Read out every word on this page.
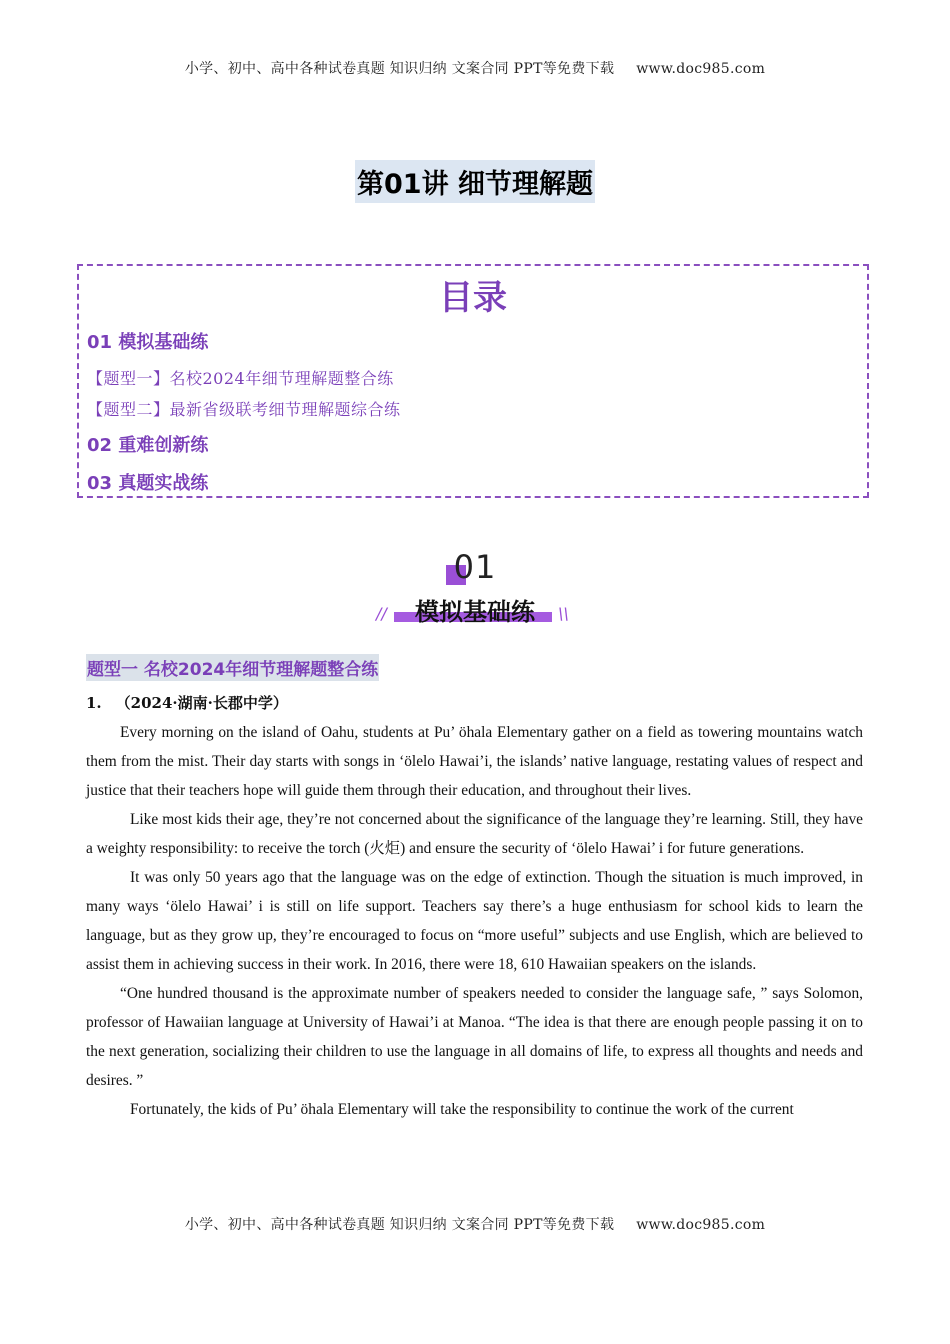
小学、初中、高中各种试卷真题 知识归纳 文案合同 PPT等免费下载 www.doc985.com
第01讲 细节理解题
目录
01 模拟基础练
【题型一】名校2024年细节理解题整合练
【题型二】最新省级联考细节理解题综合练
02 重难创新练
03 真题实战练
01
模拟基础练
//	\\
题型一 名校2024年细节理解题整合练
1. （2024·湖南·长郡中学）

Every morning on the island of Oahu, students at Pu’ öhala Elementary gather on a field as towering mountains watch them from the mist. Their day starts with songs in ‘ölelo Hawai’i, the islands’ native language, restating values of respect and justice that their teachers hope will guide them through their education, and throughout their lives.

Like most kids their age, they’re not concerned about the significance of the language they’re learning. Still, they have a weighty responsibility: to receive the torch (火炬) and ensure the security of ‘ölelo Hawai’ i for future generations.

It was only 50 years ago that the language was on the edge of extinction. Though the situation is much improved, in many ways ‘ölelo Hawai’ i is still on life support. Teachers say there’s a huge enthusiasm for school kids to learn the language, but as they grow up, they’re encouraged to focus on “more useful” subjects and use English, which are believed to assist them in achieving success in their work. In 2016, there were 18, 610 Hawaiian speakers on the islands.

“One hundred thousand is the approximate number of speakers needed to consider the language safe, ” says Solomon, professor of Hawaiian language at University of Hawai’i at Manoa. “The idea is that there are enough people passing it on to the next generation, socializing their children to use the language in all domains of life, to express all thoughts and needs and desires. ”

Fortunately, the kids of Pu’ öhala Elementary will take the responsibility to continue the work of the current

小学、初中、高中各种试卷真题 知识归纳 文案合同 PPT等免费下载 www.doc985.com
